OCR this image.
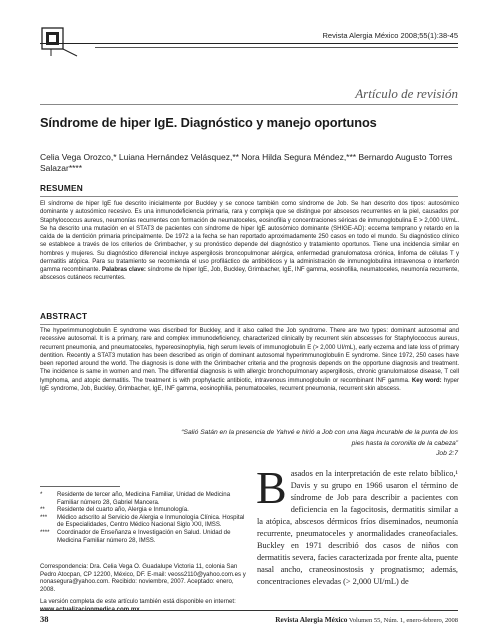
Revista Alergia México 2008;55(1):38-45
Artículo de revisión
Síndrome de hiper IgE. Diagnóstico y manejo oportunos
Celia Vega Orozco,* Luiana Hernández Velásquez,** Nora Hilda Segura Méndez,*** Bernardo Augusto Torres Salazar****
RESUMEN
El síndrome de hiper IgE fue descrito inicialmente por Buckley y se conoce también como síndrome de Job. Se han descrito dos tipos: autosómico dominante y autosómico recesivo. Es una inmunodeficiencia primaria, rara y compleja que se distingue por abscesos recurrentes en la piel, causados por Staphylococcus aureus, neumonías recurrentes con formación de neumatoceles, eosinofilia y concentraciones séricas de inmunoglobulina E > 2,000 UI/mL. Se ha descrito una mutación en el STAT3 de pacientes con síndrome de hiper IgE autosómico dominante (SHIGE-AD): eccema temprano y retardo en la caída de la dentición primaria principalmente. De 1972 a la fecha se han reportado aproximadamente 250 casos en todo el mundo. Su diagnóstico clínico se establece a través de los criterios de Grimbacher, y su pronóstico depende del diagnóstico y tratamiento oportunos. Tiene una incidencia similar en hombres y mujeres. Su diagnóstico diferencial incluye aspergilosis broncopulmonar alérgica, enfermedad granulomatosa crónica, linfoma de células T y dermatitis atópica. Para su tratamiento se recomienda el uso profiláctico de antibióticos y la administración de inmunoglobulina intravenosa o interferón gamma recombinante. Palabras clave: síndrome de hiper IgE, Job, Buckley, Grimbacher, IgE, INF gamma, eosinofilia, neumatoceles, neumonía recurrente, abscesos cutáneos recurrentes.
ABSTRACT
The hyperimmunoglobulin E syndrome was discribed for Buckley, and it also called the Job syndrome. There are two types: dominant autosomal and recessive autosomal. It is a primary, rare and complex immunodeficiency, characterized clinically by recurrent skin abscesses for Staphylococcus aureus, recurrent pneumonia, and pneumatoceles, hypereosinophylia, high serum levels of immunoglobulin E (> 2,000 UI/mL), early eczema and late loss of primary dentition. Recently a STAT3 mutation has been described as origin of dominant autosomal hyperimmunoglobulin E syndrome. Since 1972, 250 cases have been reported around the world. The diagnosis is done with the Grimbacher criteria and the prognosis depends on the opportune diagnosis and treatment. The incidence is same in women and men. The differential diagnosis is with allergic bronchopulmonary aspergillosis, chronic granulomatose disease, T cell lymphoma, and atopic dermatitis. The treatment is with prophylactic antibiotic, intravenous immunoglobulin or recombinant INF gamma. Key word: hyper IgE syndrome, Job, Buckley, Grimbacher, IgE, INF gamma, eosinophilia, penumatoceles, recurrent pneumonia, recurrent skin abscess.
“Salió Satán en la presencia de Yahvé e hirió a Job con una llaga incurable de la punta de los pies hasta la coronilla de la cabeza”
Job 2:7
*	Residente de tercer año, Medicina Familiar, Unidad de Medicina Familiar número 28, Gabriel Mancera.
**	Residente del cuarto año, Alergia e Inmunología.
***	Médico adscrito al Servicio de Alergia e Inmunología Clínica. Hospital de Especialidades, Centro Médico Nacional Siglo XXI, IMSS.
****	Coordinador de Enseñanza e Investigación en Salud. Unidad de Medicina Familiar número 28, IMSS.
Correspondencia: Dra. Celia Vega O. Guadalupe Victoria 11, colonia San Pedro Atocpan, CP 12200, México, DF. E-mail: veoss2110@yahoo.com.es y nonasegura@yahoo.com. Recibido: noviembre, 2007. Aceptado: enero, 2008.
La versión completa de este artículo también está disponible en internet: www.actualizacionmedica.com.mx
B asados en la interpretación de este relato bíblico,¹ Davis y su grupo en 1966 usaron el término de síndrome de Job para describir a pacientes con deficiencia en la fagocitosis, dermatitis similar a la atópica, abscesos dérmicos fríos diseminados, neumonía recurrente, pneumatoceles y anormalidades craneofaciales. Buckley en 1971 describió dos casos de niños con dermatitis severa, facies caracterizada por frente alta, puente nasal ancho, craneosinostosis y prognatismo; además, concentraciones elevadas (> 2,000 UI/mL) de
38	Revista Alergia México Volumen 55, Núm. 1, enero-febrero, 2008
